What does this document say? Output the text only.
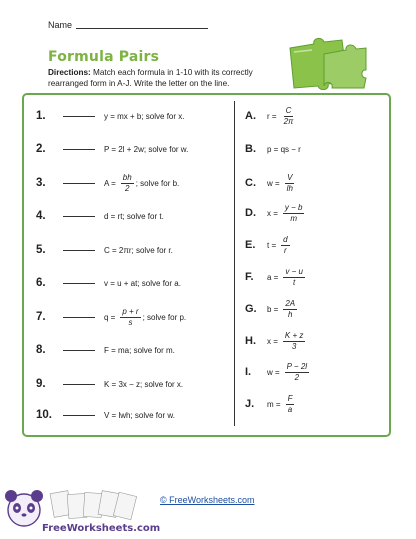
Name
Formula Pairs
Directions: Match each formula in 1-10 with its correctly rearranged form in A-J. Write the letter on the line.
1.	y = mx + b; solve for x.
2.	P = 2l + 2w; solve for w.
3.	$A = \frac{bh}{2}$ ; solve for b.
4.	d = rt; solve for t.
5.	C = 2πr; solve for r.
6.	v = u + at; solve for a.
7.	$q = \frac{p + r}{s}$ ; solve for p.
8.	F = ma; solve for m.
9.	K = 3x − z; solve for x.
10.	V = lwh; solve for w.
A.	$r = \frac{C}{2\pi}$
B.	p = qs − r
C.	$w = \frac{V}{lh}$
D.	$x = \frac{y - b}{m}$
E.	$t = \frac{d}{r}$
F.	$a = \frac{v - u}{t}$
G.	$b = \frac{2A}{h}$
H.	$x = \frac{K + z}{3}$
I.	$w = \frac{P - 2l}{2}$
J.	$m = \frac{F}{a}$
© FreeWorksheets.com
FreeWorksheets.com
